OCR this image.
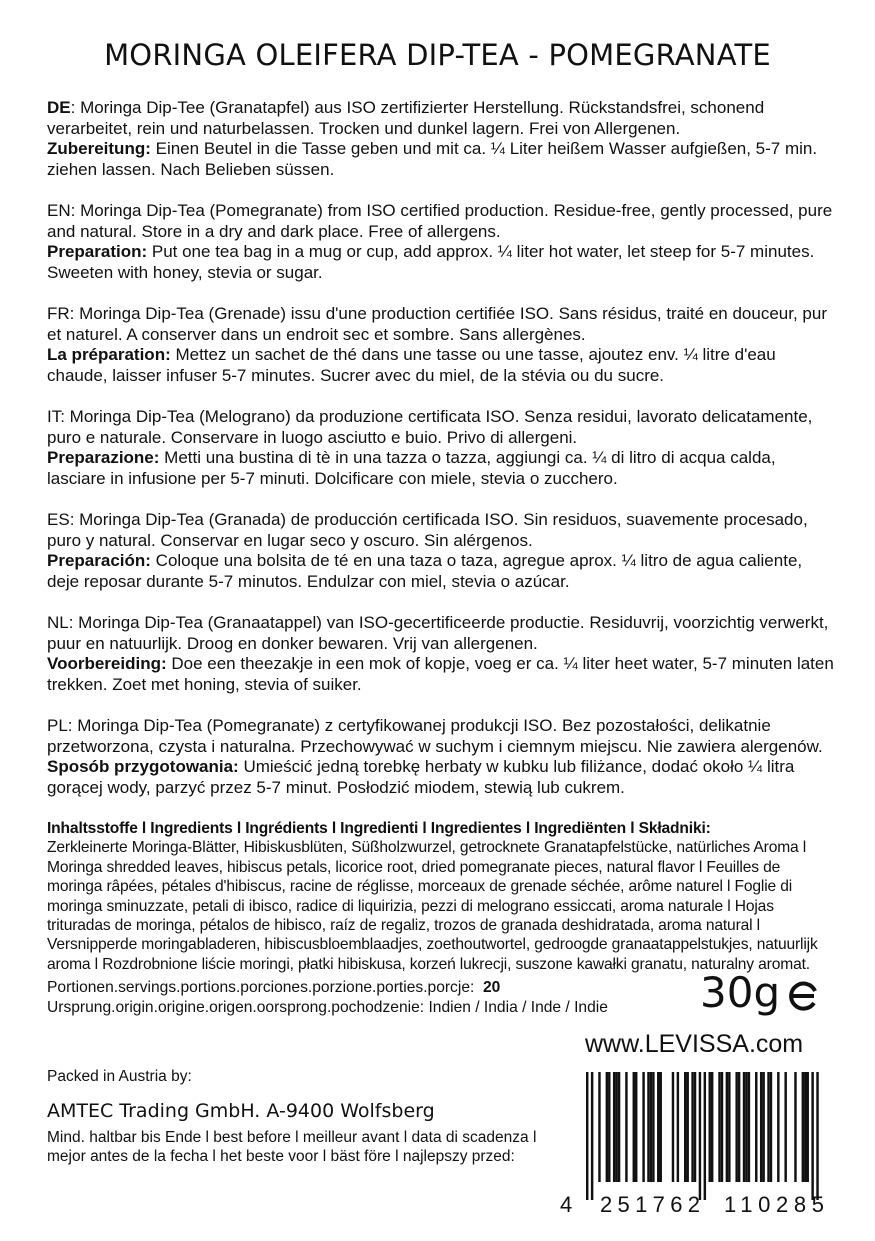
MORINGA OLEIFERA DIP-TEA - POMEGRANATE

DE: Moringa Dip-Tee (Granatapfel) aus ISO zertifizierter Herstellung. Rückstandsfrei, schonend verarbeitet, rein und naturbelassen. Trocken und dunkel lagern. Frei von Allergenen.

Zubereitung: Einen Beutel in die Tasse geben und mit ca. ¼ Liter heißem Wasser aufgießen, 5-7 min. ziehen lassen. Nach Belieben süssen.

EN: Moringa Dip-Tea (Pomegranate) from ISO certified production. Residue-free, gently processed, pure and natural. Store in a dry and dark place. Free of allergens.

Preparation: Put one tea bag in a mug or cup, add approx. ¼ liter hot water, let steep for 5-7 minutes. Sweeten with honey, stevia or sugar.

FR: Moringa Dip-Tea (Grenade) issu d'une production certifiée ISO. Sans résidus, traité en douceur, pur et naturel. A conserver dans un endroit sec et sombre. Sans allergènes.

La préparation: Mettez un sachet de thé dans une tasse ou une tasse, ajoutez env. ¼ litre d'eau chaude, laisser infuser 5-7 minutes. Sucrer avec du miel, de la stévia ou du sucre.

IT: Moringa Dip-Tea (Melograno) da produzione certificata ISO. Senza residui, lavorato delicatamente, puro e naturale. Conservare in luogo asciutto e buio. Privo di allergeni.

Preparazione: Metti una bustina di tè in una tazza o tazza, aggiungi ca. ¼ di litro di acqua calda, lasciare in infusione per 5-7 minuti. Dolcificare con miele, stevia o zucchero.

ES: Moringa Dip-Tea (Granada) de producción certificada ISO. Sin residuos, suavemente procesado, puro y natural. Conservar en lugar seco y oscuro. Sin alérgenos.

Preparación: Coloque una bolsita de té en una taza o taza, agregue aprox. ¼ litro de agua caliente, deje reposar durante 5-7 minutos. Endulzar con miel, stevia o azúcar.

NL: Moringa Dip-Tea (Granaatappel) van ISO-gecertificeerde productie. Residuvrij, voorzichtig verwerkt, puur en natuurlijk. Droog en donker bewaren. Vrij van allergenen.

Voorbereiding: Doe een theezakje in een mok of kopje, voeg er ca. ¼ liter heet water, 5-7 minuten laten trekken. Zoet met honing, stevia of suiker.

PL: Moringa Dip-Tea (Pomegranate) z certyfikowanej produkcji ISO. Bez pozostałości, delikatnie przetworzona, czysta i naturalna. Przechowywać w suchym i ciemnym miejscu. Nie zawiera alergenów.

Sposób przygotowania: Umieścić jedną torebkę herbaty w kubku lub filiżance, dodać około ¼ litra gorącej wody, parzyć przez 5-7 minut. Posłodzić miodem, stewią lub cukrem.

Inhaltsstoffe l Ingredients l Ingrédients l Ingredienti l Ingredientes l Ingrediënten l Składniki:

Zerkleinerte Moringa-Blätter, Hibiskusblüten, Süßholzwurzel, getrocknete Granatapfelstücke, natürliches Aroma l Moringa shredded leaves, hibiscus petals, licorice root, dried pomegranate pieces, natural flavor l Feuilles de moringa râpées, pétales d'hibiscus, racine de réglisse, morceaux de grenade séchée, arôme naturel l Foglie di moringa sminuzzate, petali di ibisco, radice di liquirizia, pezzi di melograno essiccati, aroma naturale l Hojas trituradas de moringa, pétalos de hibisco, raíz de regaliz, trozos de granada deshidratada, aroma natural l Versnipperde moringabladeren, hibiscusbloemblaadjes, zoethoutwortel, gedroogde granaatappelstukjes, natuurlijk aroma l Rozdrobnione liście moringi, płatki hibiskusa, korzeń lukrecji, suszone kawałki granatu, naturalny aromat.

Portionen.servings.portions.porciones.porzione.porties.porcje: 20

Ursprung.origin.origine.origen.oorsprong.pochodzenie: Indien / India / Inde / Indie 30g
www.LEVISSA.com

Packed in Austria by:

AMTEC Trading GmbH. A-9400 Wolfsberg

Mind. haltbar bis Ende l best before l meilleur avant l data di scadenza l mejor antes de la fecha l het beste voor l bäst före l najlepszy przed:

4 251762 110285
